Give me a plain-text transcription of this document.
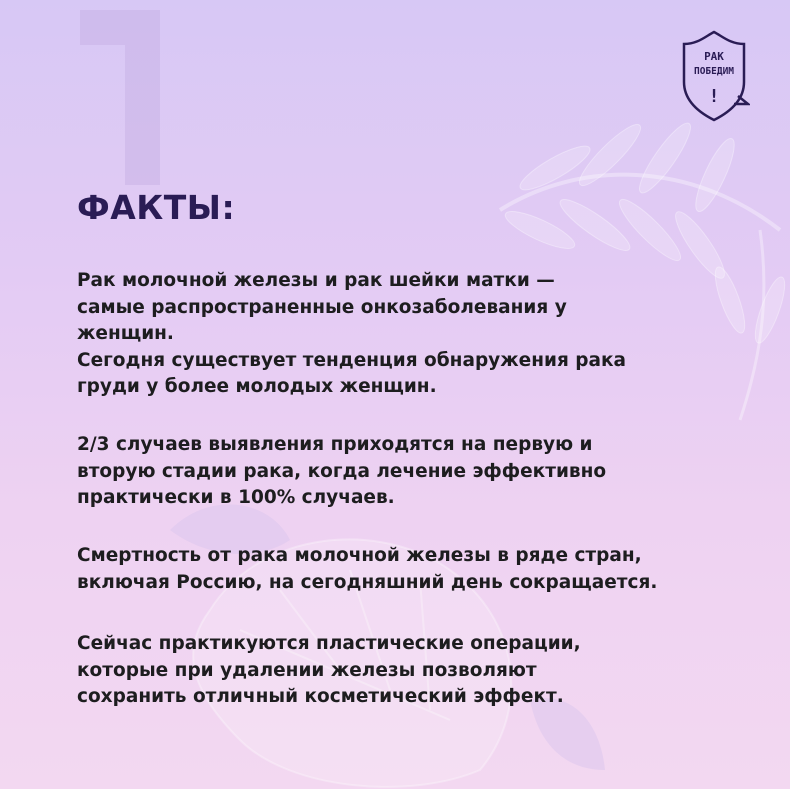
РАК
ПОБЕДИМ
!
ФАКТЫ:

Рак молочной железы и рак шейки матки —
самые распространенные онкозаболевания у
женщин.
Сегодня существует тенденция обнаружения рака
груди у более молодых женщин.

2/3 случаев выявления приходятся на первую и
вторую стадии рака, когда лечение эффективно
практически в 100% случаев.

Смертность от рака молочной железы в ряде стран,
включая Россию, на сегодняшний день сокращается.

Сейчас практикуются пластические операции,
которые при удалении железы позволяют
сохранить отличный косметический эффект.
